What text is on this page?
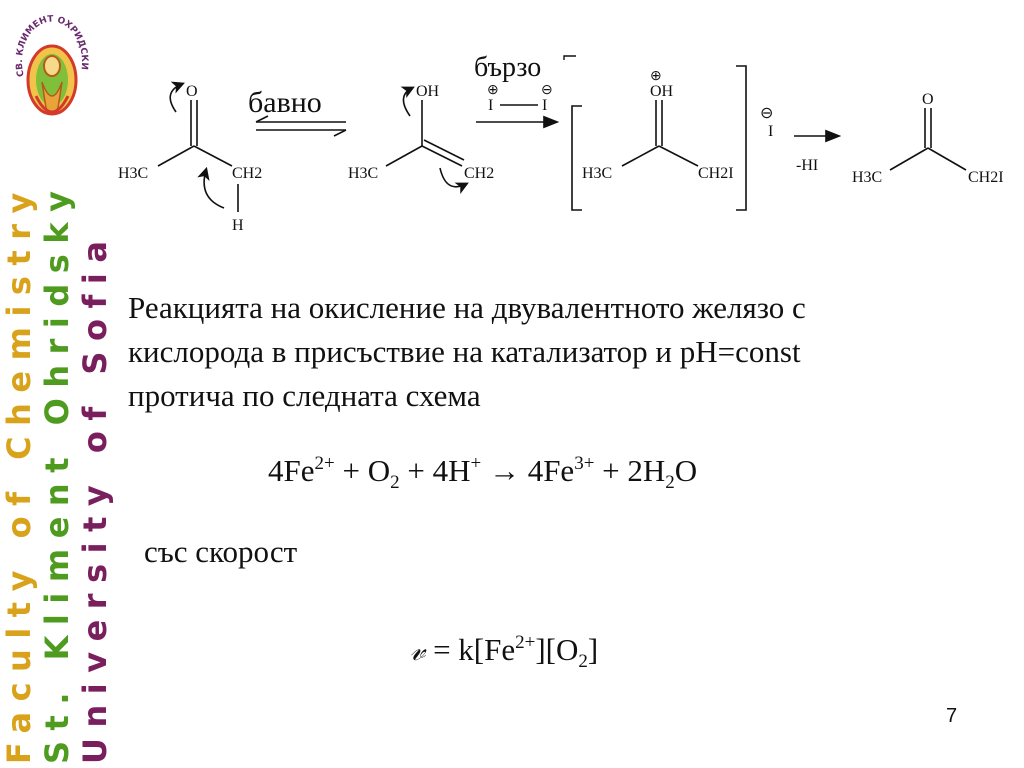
СВ. КЛИМЕНТ ОХРИДСКИ
Faculty of Chemistry St. Kliment Ohridsky University of Sofia
O
H3C	CH2
H
бавно	OH
H3C	CH2
бързо
⊕	⊖
I	I
⊕
OH
H3C	CH2I
⊖
I
-HI
O
H3C	CH2I
Реакцията на окисление на двувалентното желязо с
кислорода в присъствие на катализатор и pH=const
протича по следната схема
$4Fe^{2+} + O_2 + 4H^+ \to 4Fe^{3+} + 2H_2O$
със скорост
𝓋 = $k[Fe^{2+}][O_2]$
7
